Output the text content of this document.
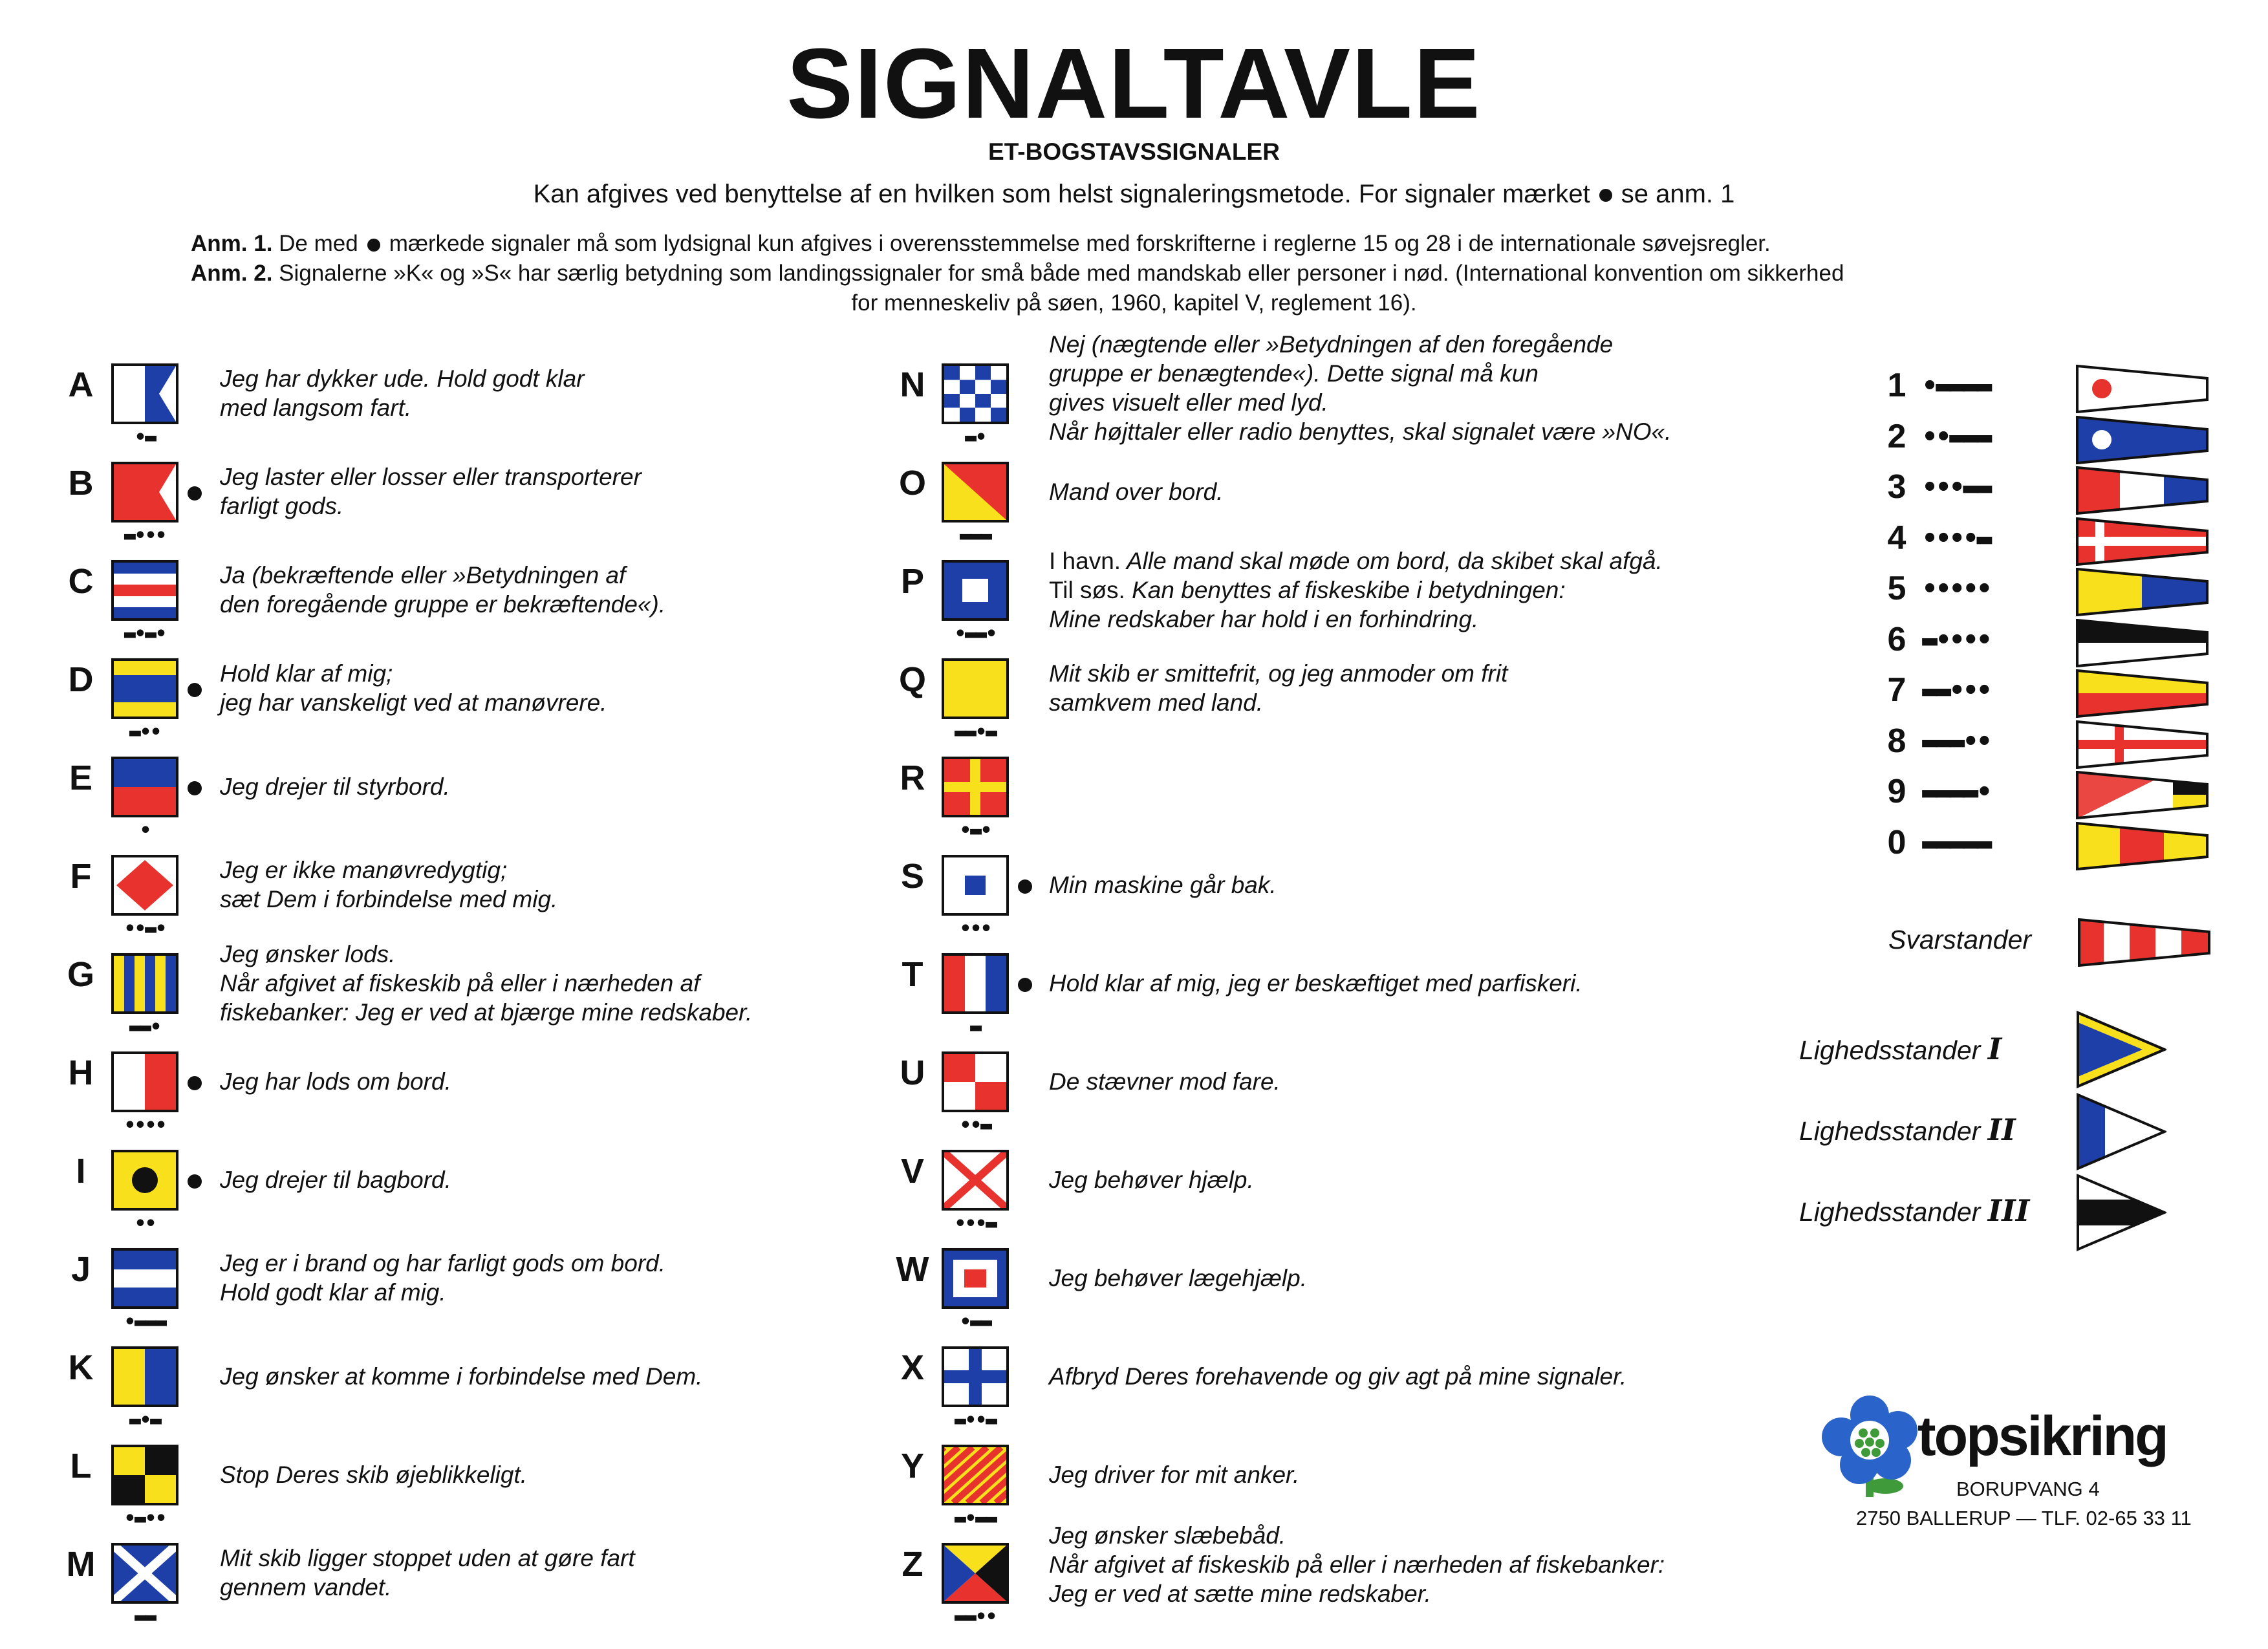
SIGNALTAVLE
ET-BOGSTAVSSIGNALER
Kan afgives ved benyttelse af en hvilken som helst signaleringsmetode. For signaler mærket se anm. 1
Anm. 1. De med mærkede signaler må som lydsignal kun afgives i overensstemmelse med forskrifterne i reglerne 15 og 28 i de internationale søvejsregler.
Anm. 2. Signalerne »K« og »S« har særlig betydning som landingssignaler for små både med mandskab eller personer i nød. (International konvention om sikkerhed
for menneskeliv på søen, 1960, kapitel V, reglement 16).
A
•▬
Jeg har dykker ude. Hold godt klar
med langsom fart.
B
▬•••
Jeg laster eller losser eller transporterer
farligt gods.
C
▬•▬•
Ja (bekræftende eller »Betydningen af
den foregående gruppe er bekræftende«).
D
▬••
Hold klar af mig;
jeg har vanskeligt ved at manøvrere.
E
•
Jeg drejer til styrbord.
F
••▬•
Jeg er ikke manøvredygtig;
sæt Dem i forbindelse med mig.
G
▬▬•
Jeg ønsker lods.
Når afgivet af fiskeskib på eller i nærheden af
fiskebanker: Jeg er ved at bjærge mine redskaber.
H
••••
Jeg har lods om bord.
I
••
Jeg drejer til bagbord.
J
•▬▬▬
Jeg er i brand og har farligt gods om bord.
Hold godt klar af mig.
K
▬•▬
Jeg ønsker at komme i forbindelse med Dem.
L
•▬••
Stop Deres skib øjeblikkeligt.
M
▬▬
Mit skib ligger stoppet uden at gøre fart
gennem vandet.
N
▬•
Nej (nægtende eller »Betydningen af den foregående
gruppe er benægtende«). Dette signal må kun
gives visuelt eller med lyd.
Når højttaler eller radio benyttes, skal signalet være »NO«.
O
▬▬▬
Mand over bord.
P
•▬▬•
I havn. Alle mand skal møde om bord, da skibet skal afgå.
Til søs. Kan benyttes af fiskeskibe i betydningen:
Mine redskaber har hold i en forhindring.
Q
▬▬•▬
Mit skib er smittefrit, og jeg anmoder om frit
samkvem med land.
R
•▬•
S
•••
Min maskine går bak.
T
▬
Hold klar af mig, jeg er beskæftiget med parfiskeri.
U
••▬
De stævner mod fare.
V
•••▬
Jeg behøver hjælp.
W
•▬▬
Jeg behøver lægehjælp.
X
▬••▬
Afbryd Deres forehavende og giv agt på mine signaler.
Y
▬•▬▬
Jeg driver for mit anker.
Z
▬▬••
Jeg ønsker slæbebåd.
Når afgivet af fiskeskib på eller i nærheden af fiskebanker:
Jeg er ved at sætte mine redskaber.
1 •▬▬▬▬
2 ••▬▬▬
3 •••▬▬
4 ••••▬
5 •••••
6 ▬••••
7 ▬▬•••
8 ▬▬▬••
9 ▬▬▬▬•
0 ▬▬▬▬▬
Svarstander
Lighedsstander I
Lighedsstander II
Lighedsstander III
topsikring
BORUPVANG 4
2750 BALLERUP — TLF. 02-65 33 11
